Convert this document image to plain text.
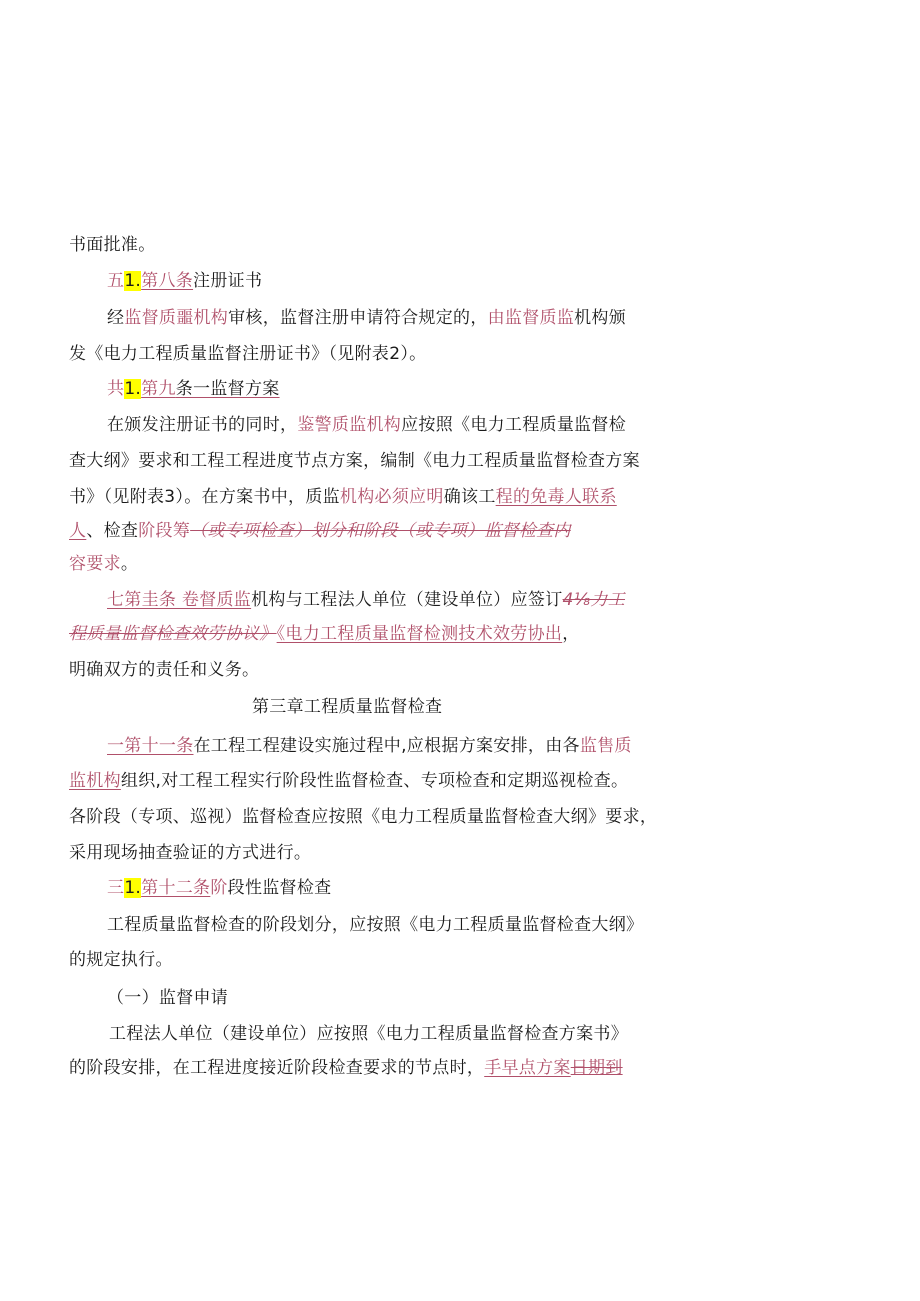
书面批准。
五1.第八条注册证书
经监督质噩机构审核，监督注册申请符合规定的，由监督质监机构颁
发《电力工程质量监督注册证书》（见附表2）。
共1.第九条一监督方案
在颁发注册证书的同时，鉴警质监机构应按照《电力工程质量监督检
查大纲》要求和工程工程进度节点方案，编制《电力工程质量监督检查方案
书》（见附表3）。在方案书中，质监机构必须应明确该工程的免毒人联系
人、检查阶段筹（或专项检查）划分和阶段（或专项）监督检查内
容要求。
七第圭条 卷督质监机构与工程法人单位（建设单位）应签订4⅛力工
程质量监督检查效劳协议》《电力工程质量监督检测技术效劳协出，
明确双方的责任和义务。
第三章工程质量监督检查
一第十一条在工程工程建设实施过程中,应根据方案安排，由各监售质
监机构组织,对工程工程实行阶段性监督检查、专项检查和定期巡视检查。
各阶段（专项、巡视）监督检查应按照《电力工程质量监督检查大纲》要求，
采用现场抽查验证的方式进行。
三1.第十二条阶段性监督检查
工程质量监督检查的阶段划分，应按照《电力工程质量监督检查大纲》
的规定执行。
（一）监督申请
工程法人单位（建设单位）应按照《电力工程质量监督检查方案书》
的阶段安排，在工程进度接近阶段检查要求的节点时，手早点方案日期到
